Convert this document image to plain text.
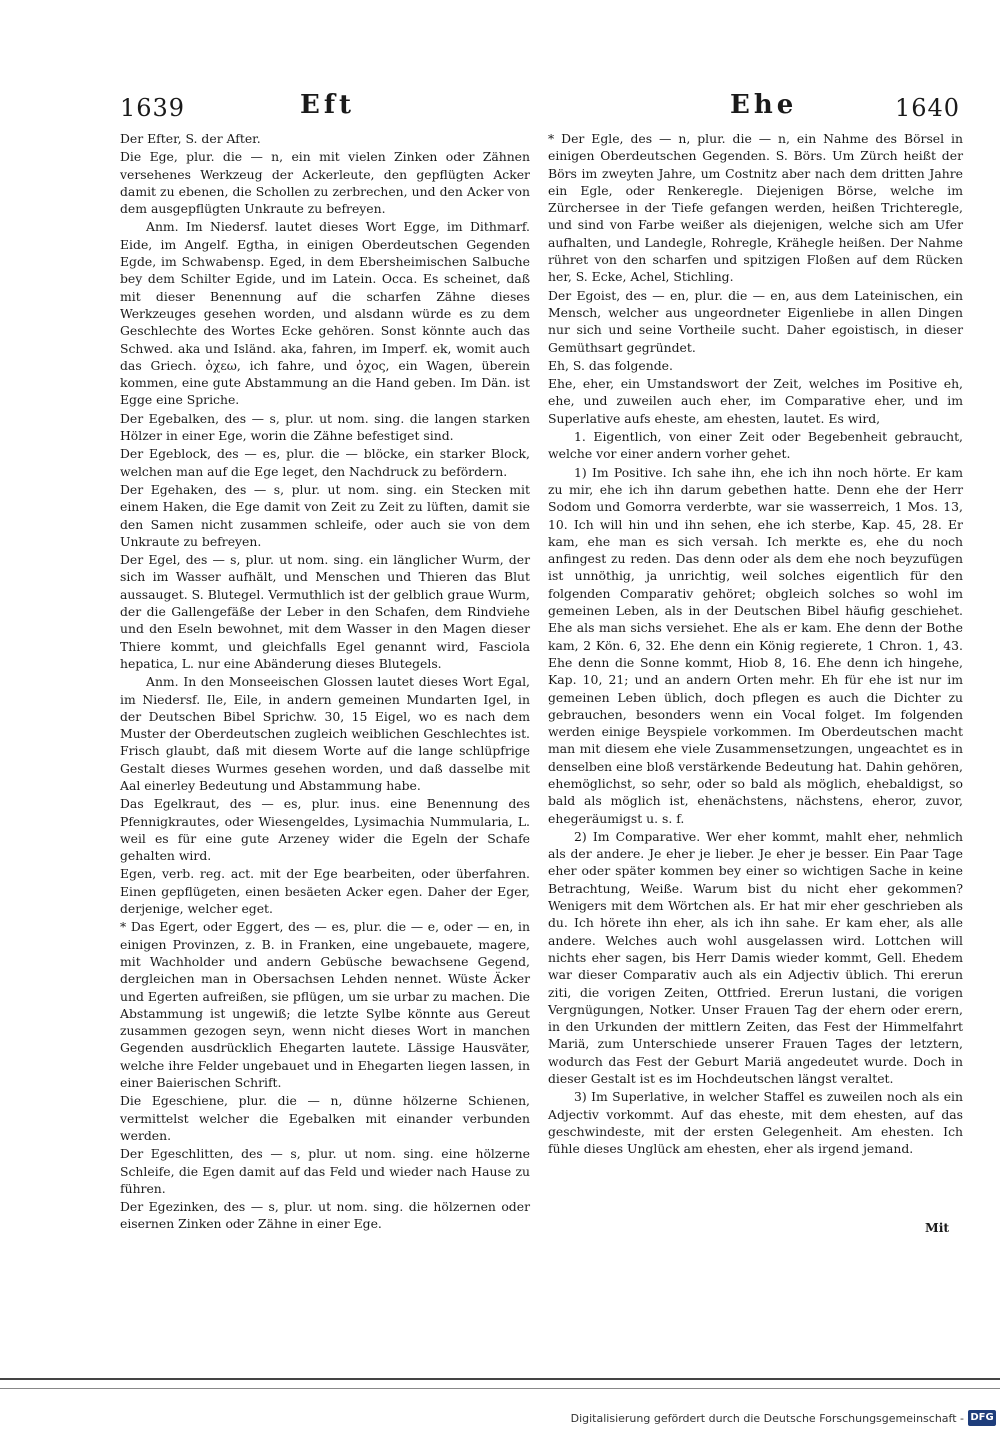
1639	Eft	Ehe	1640

Der Efter, S. der After.

Die Ege, plur. die — n, ein mit vielen Zinken oder Zähnen versehenes Werkzeug der Ackerleute, den gepflügten Acker damit zu ebenen, die Schollen zu zerbrechen, und den Acker von dem ausgepflügten Unkraute zu befreyen.

Anm. Im Niedersf. lautet dieses Wort Egge, im Dithmarf. Eide, im Angelf. Egtha, in einigen Oberdeutschen Gegenden Egde, im Schwabensp. Eged, in dem Ebersheimischen Salbuche bey dem Schilter Egide, und im Latein. Occa. Es scheinet, daß mit dieser Benennung auf die scharfen Zähne dieses Werkzeuges gesehen worden, und alsdann würde es zu dem Geschlechte des Wortes Ecke gehören. Sonst könnte auch das Schwed. aka und Isländ. aka, fahren, im Imperf. ek, womit auch das Griech. ὀχεω, ich fahre, und ὀχος, ein Wagen, überein kommen, eine gute Abstammung an die Hand geben. Im Dän. ist Egge eine Spriche.

Der Egebalken, des — s, plur. ut nom. sing. die langen starken Hölzer in einer Ege, worin die Zähne befestiget sind.

Der Egeblock, des — es, plur. die — blöcke, ein starker Block, welchen man auf die Ege leget, den Nachdruck zu befördern.

Der Egehaken, des — s, plur. ut nom. sing. ein Stecken mit einem Haken, die Ege damit von Zeit zu Zeit zu lüften, damit sie den Samen nicht zusammen schleife, oder auch sie von dem Unkraute zu befreyen.

Der Egel, des — s, plur. ut nom. sing. ein länglicher Wurm, der sich im Wasser aufhält, und Menschen und Thieren das Blut aussauget. S. Blutegel. Vermuthlich ist der gelblich graue Wurm, der die Gallengefäße der Leber in den Schafen, dem Rindviehe und den Eseln bewohnet, mit dem Wasser in den Magen dieser Thiere kommt, und gleichfalls Egel genannt wird, Fasciola hepatica, L. nur eine Abänderung dieses Blutegels.

Anm. In den Monseeischen Glossen lautet dieses Wort Egal, im Niedersf. Ile, Eile, in andern gemeinen Mundarten Igel, in der Deutschen Bibel Sprichw. 30, 15 Eigel, wo es nach dem Muster der Oberdeutschen zugleich weiblichen Geschlechtes ist. Frisch glaubt, daß mit diesem Worte auf die lange schlüpfrige Gestalt dieses Wurmes gesehen worden, und daß dasselbe mit Aal einerley Bedeutung und Abstammung habe.

Das Egelkraut, des — es, plur. inus. eine Benennung des Pfennigkrautes, oder Wiesengeldes, Lysimachia Nummularia, L. weil es für eine gute Arzeney wider die Egeln der Schafe gehalten wird.

Egen, verb. reg. act. mit der Ege bearbeiten, oder überfahren. Einen gepflügeten, einen besäeten Acker egen. Daher der Eger, derjenige, welcher eget.

* Das Egert, oder Eggert, des — es, plur. die — e, oder — en, in einigen Provinzen, z. B. in Franken, eine ungebauete, magere, mit Wachholder und andern Gebüsche bewachsene Gegend, dergleichen man in Obersachsen Lehden nennet. Wüste Äcker und Egerten aufreißen, sie pflügen, um sie urbar zu machen. Die Abstammung ist ungewiß; die letzte Sylbe könnte aus Gereut zusammen gezogen seyn, wenn nicht dieses Wort in manchen Gegenden ausdrücklich Ehegarten lautete. Lässige Hausväter, welche ihre Felder ungebauet und in Ehegarten liegen lassen, in einer Baierischen Schrift.

Die Egeschiene, plur. die — n, dünne hölzerne Schienen, vermittelst welcher die Egebalken mit einander verbunden werden.

Der Egeschlitten, des — s, plur. ut nom. sing. eine hölzerne Schleife, die Egen damit auf das Feld und wieder nach Hause zu führen.

Der Egezinken, des — s, plur. ut nom. sing. die hölzernen oder eisernen Zinken oder Zähne in einer Ege.

* Der Egle, des — n, plur. die — n, ein Nahme des Börsel in einigen Oberdeutschen Gegenden. S. Börs. Um Zürch heißt der Börs im zweyten Jahre, um Costnitz aber nach dem dritten Jahre ein Egle, oder Renkeregle. Diejenigen Börse, welche im Zürchersee in der Tiefe gefangen werden, heißen Trichteregle, und sind von Farbe weißer als diejenigen, welche sich am Ufer aufhalten, und Landegle, Rohregle, Krähegle heißen. Der Nahme rühret von den scharfen und spitzigen Floßen auf dem Rücken her, S. Ecke, Achel, Stichling.

Der Egoist, des — en, plur. die — en, aus dem Lateinischen, ein Mensch, welcher aus ungeordneter Eigenliebe in allen Dingen nur sich und seine Vortheile sucht. Daher egoistisch, in dieser Gemüthsart gegründet.

Eh, S. das folgende.

Ehe, eher, ein Umstandswort der Zeit, welches im Positive eh, ehe, und zuweilen auch eher, im Comparative eher, und im Superlative aufs eheste, am ehesten, lautet. Es wird,

1. Eigentlich, von einer Zeit oder Begebenheit gebraucht, welche vor einer andern vorher gehet.

1) Im Positive. Ich sahe ihn, ehe ich ihn noch hörte. Er kam zu mir, ehe ich ihn darum gebethen hatte. Denn ehe der Herr Sodom und Gomorra verderbte, war sie wasserreich, 1 Mos. 13, 10. Ich will hin und ihn sehen, ehe ich sterbe, Kap. 45, 28. Er kam, ehe man es sich versah. Ich merkte es, ehe du noch anfingest zu reden. Das denn oder als dem ehe noch beyzufügen ist unnöthig, ja unrichtig, weil solches eigentlich für den folgenden Comparativ gehöret; obgleich solches so wohl im gemeinen Leben, als in der Deutschen Bibel häufig geschiehet. Ehe als man sichs versiehet. Ehe als er kam. Ehe denn der Bothe kam, 2 Kön. 6, 32. Ehe denn ein König regierete, 1 Chron. 1, 43. Ehe denn die Sonne kommt, Hiob 8, 16. Ehe denn ich hingehe, Kap. 10, 21; und an andern Orten mehr. Eh für ehe ist nur im gemeinen Leben üblich, doch pflegen es auch die Dichter zu gebrauchen, besonders wenn ein Vocal folget. Im folgenden werden einige Beyspiele vorkommen. Im Oberdeutschen macht man mit diesem ehe viele Zusammensetzungen, ungeachtet es in denselben eine bloß verstärkende Bedeutung hat. Dahin gehören, ehemöglichst, so sehr, oder so bald als möglich, ehebaldigst, so bald als möglich ist, ehenächstens, nächstens, eheror, zuvor, ehegeräumigst u. s. f.

2) Im Comparative. Wer eher kommt, mahlt eher, nehmlich als der andere. Je eher je lieber. Je eher je besser. Ein Paar Tage eher oder später kommen bey einer so wichtigen Sache in keine Betrachtung, Weiße. Warum bist du nicht eher gekommen? Wenigers mit dem Wörtchen als. Er hat mir eher geschrieben als du. Ich hörete ihn eher, als ich ihn sahe. Er kam eher, als alle andere. Welches auch wohl ausgelassen wird. Lottchen will nichts eher sagen, bis Herr Damis wieder kommt, Gell. Ehedem war dieser Comparativ auch als ein Adjectiv üblich. Thi ererun ziti, die vorigen Zeiten, Ottfried. Ererun lustani, die vorigen Vergnügungen, Notker. Unser Frauen Tag der ehern oder erern, in den Urkunden der mittlern Zeiten, das Fest der Himmelfahrt Mariä, zum Unterschiede unserer Frauen Tages der letztern, wodurch das Fest der Geburt Mariä angedeutet wurde. Doch in dieser Gestalt ist es im Hochdeutschen längst veraltet.

3) Im Superlative, in welcher Staffel es zuweilen noch als ein Adjectiv vorkommt. Auf das eheste, mit dem ehesten, auf das geschwindeste, mit der ersten Gelegenheit. Am ehesten. Ich fühle dieses Unglück am ehesten, eher als irgend jemand.

Mit
Digitalisierung gefördert durch die Deutsche Forschungsgemeinschaft - DFG
